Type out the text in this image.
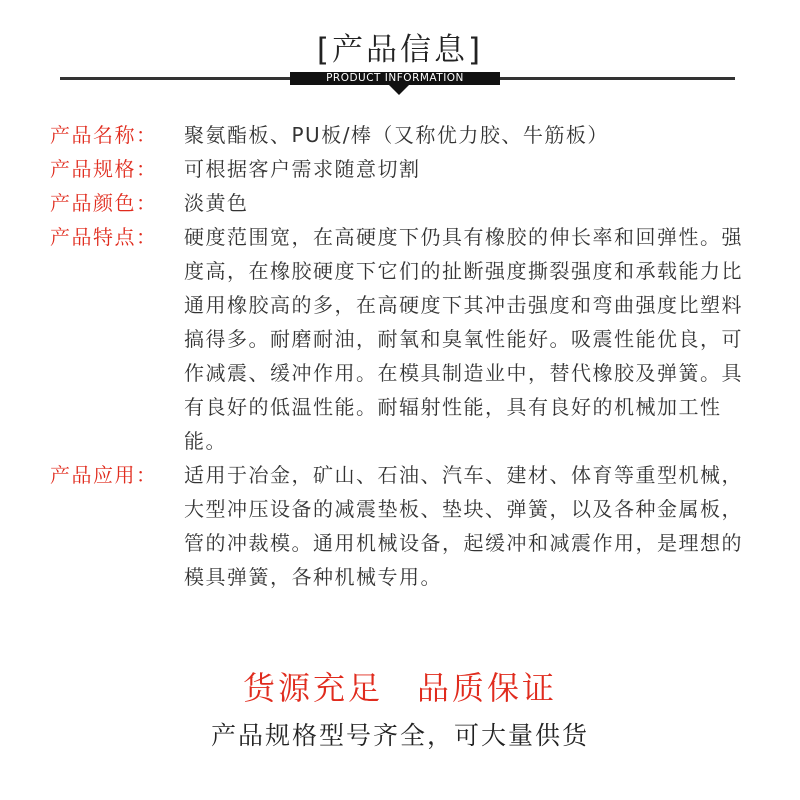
[产品信息]
PRODUCT INFORMATION
产品名称：	聚氨酯板、PU板/棒（又称优力胶、牛筋板）
产品规格：	可根据客户需求随意切割
产品颜色：	淡黄色
产品特点：	硬度范围宽，在高硬度下仍具有橡胶的伸长率和回弹性。强度高，在橡胶硬度下它们的扯断强度撕裂强度和承载能力比通用橡胶高的多，在高硬度下其冲击强度和弯曲强度比塑料搞得多。耐磨耐油，耐氧和臭氧性能好。吸震性能优良，可作减震、缓冲作用。在模具制造业中，替代橡胶及弹簧。具有良好的低温性能。耐辐射性能，具有良好的机械加工性能。
产品应用：	适用于冶金，矿山、石油、汽车、建材、体育等重型机械，大型冲压设备的减震垫板、垫块、弹簧，以及各种金属板，管的冲裁模。通用机械设备，起缓冲和减震作用，是理想的模具弹簧，各种机械专用。
货源充足 品质保证
产品规格型号齐全，可大量供货
